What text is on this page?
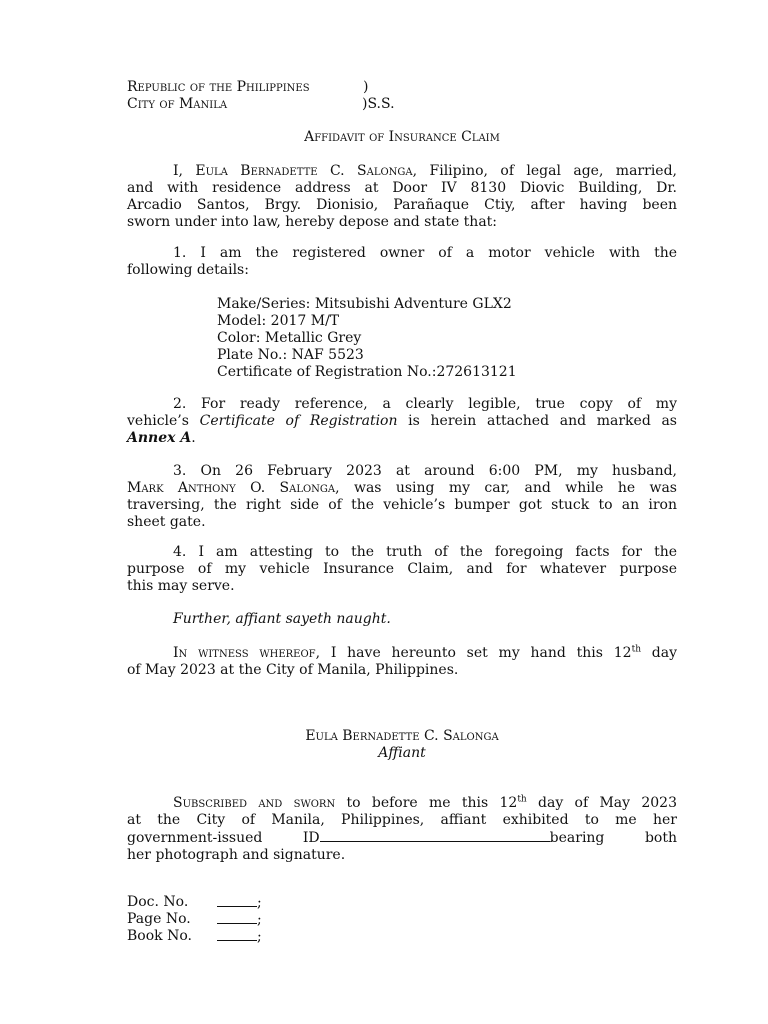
Republic of the Philippines	)
City of Manila	)S.S.
Affidavit of Insurance Claim
I, Eula Bernadette C. Salonga, Filipino, of legal age, married,
and with residence address at Door IV 8130 Diovic Building, Dr.
Arcadio Santos, Brgy. Dionisio, Parañaque Ctiy, after having been
sworn under into law, hereby depose and state that:
1. I am the registered owner of a motor vehicle with the
following details:
Make/Series: Mitsubishi Adventure GLX2
Model: 2017 M/T
Color: Metallic Grey
Plate No.: NAF 5523
Certificate of Registration No.:272613121
2. For ready reference, a clearly legible, true copy of my
vehicle’s Certificate of Registration is herein attached and marked as
Annex A.
3. On 26 February 2023 at around 6:00 PM, my husband,
Mark Anthony O. Salonga, was using my car, and while he was
traversing, the right side of the vehicle’s bumper got stuck to an iron
sheet gate.
4. I am attesting to the truth of the foregoing facts for the
purpose of my vehicle Insurance Claim, and for whatever purpose
this may serve.
Further, affiant sayeth naught.
In witness whereof, I have hereunto set my hand this 12th day
of May 2023 at the City of Manila, Philippines.
Eula Bernadette C. Salonga
Affiant
Subscribed and sworn to before me this 12th day of May 2023
at the City of Manila, Philippines, affiant exhibited to me her
government-issued ID	bearing both
her photograph and signature.
Doc. No.	;
Page No.	;
Book No.	;
